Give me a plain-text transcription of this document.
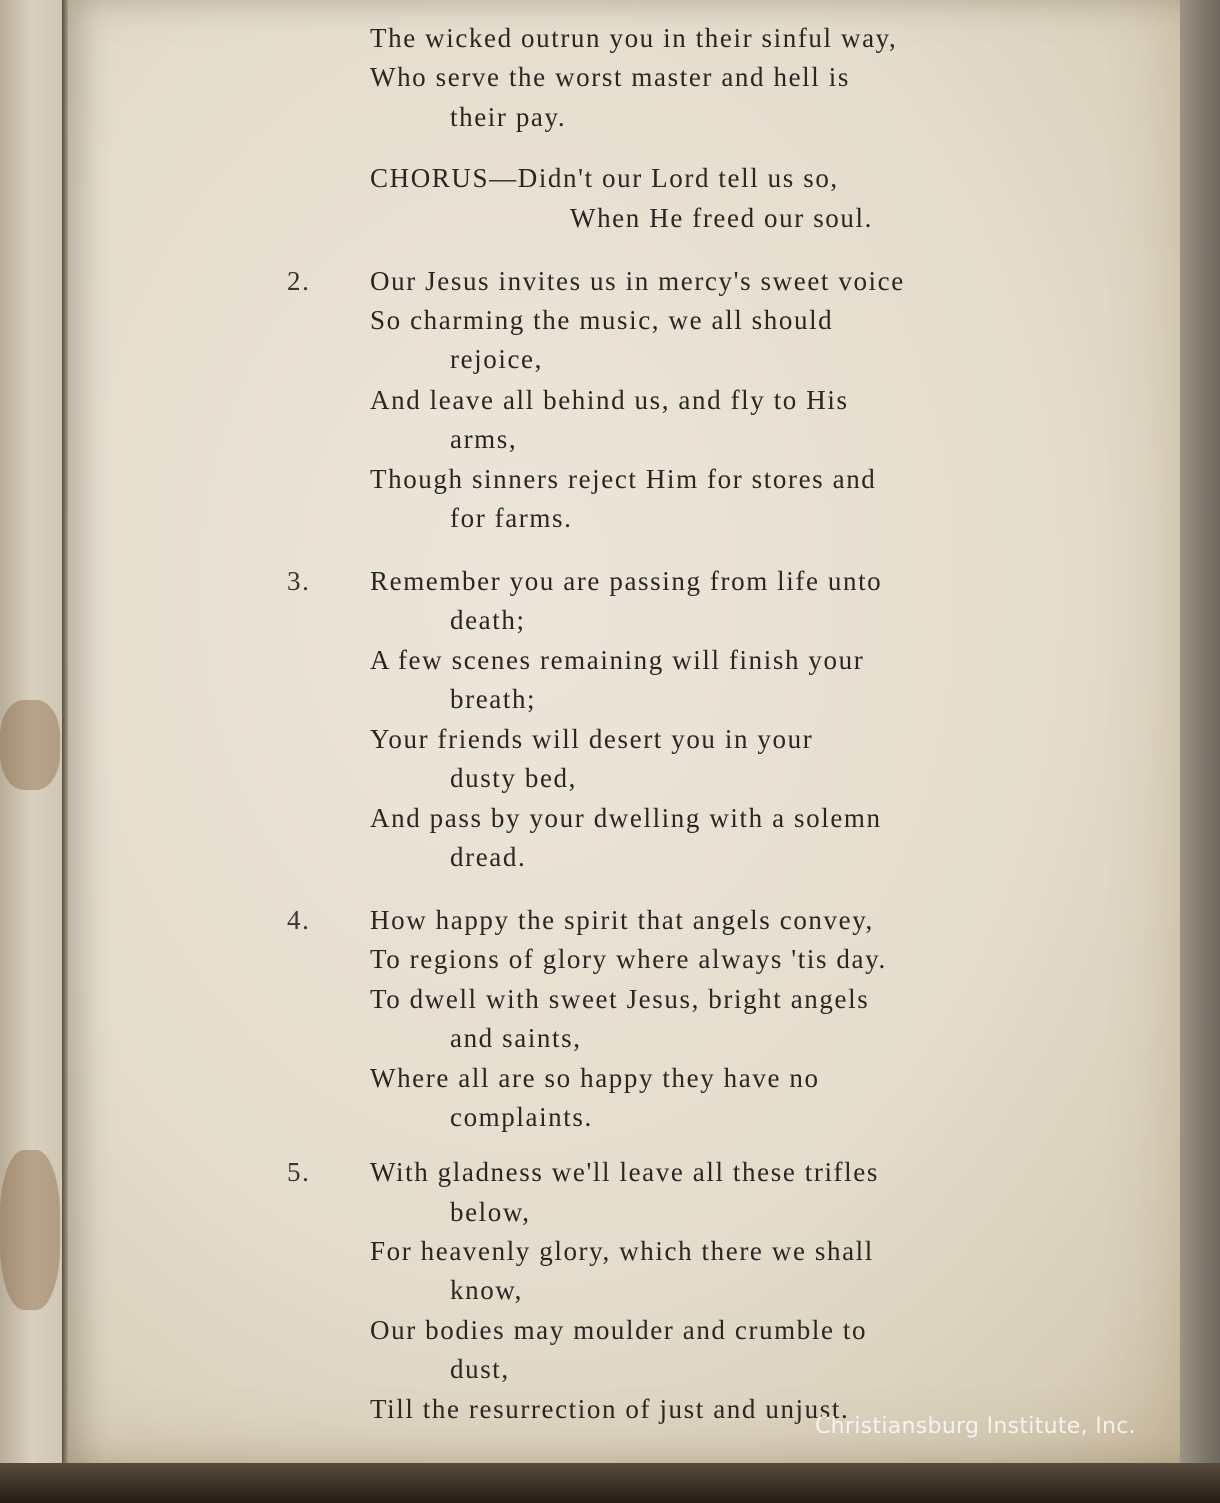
The wicked outrun you in their sinful way,
Who serve the worst master and hell is
their pay.
CHORUS—Didn't our Lord tell us so,
When He freed our soul.
2. Our Jesus invites us in mercy's sweet voice
So charming the music, we all should
rejoice,
And leave all behind us, and fly to His
arms,
Though sinners reject Him for stores and
for farms.
3. Remember you are passing from life unto
death;
A few scenes remaining will finish your
breath;
Your friends will desert you in your
dusty bed,
And pass by your dwelling with a solemn
dread.
4. How happy the spirit that angels convey,
To regions of glory where always 'tis day.
To dwell with sweet Jesus, bright angels
and saints,
Where all are so happy they have no
complaints.
5. With gladness we'll leave all these trifles
below,
For heavenly glory, which there we shall
know,
Our bodies may moulder and crumble to
dust,
Till the resurrection of just and unjust.
Christiansburg Institute, Inc.
